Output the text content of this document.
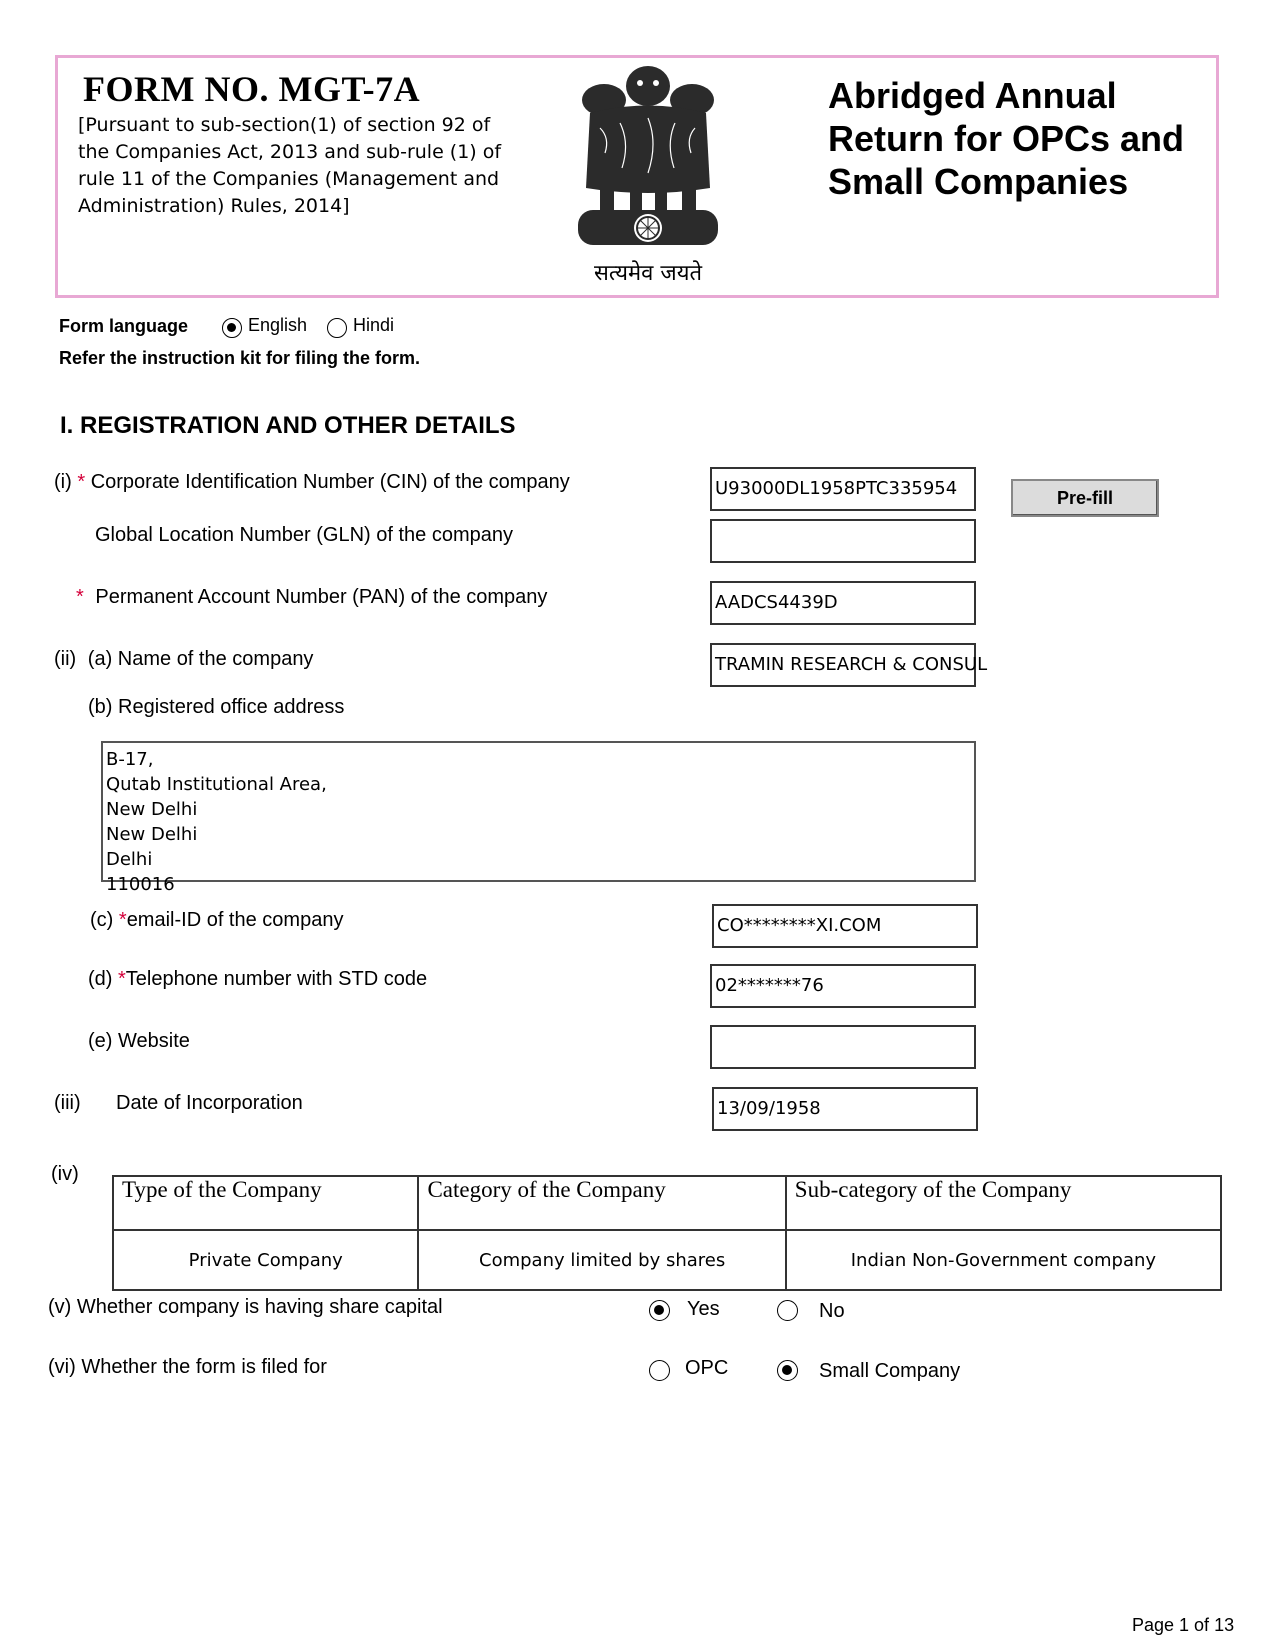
FORM NO. MGT-7A
[Pursuant to sub-section(1) of section 92 of the Companies Act, 2013 and sub-rule (1) of rule 11 of the Companies (Management and Administration) Rules, 2014]
सत्यमेव जयते
Abridged Annual Return for OPCs and Small Companies
Form language	English	Hindi
Refer the instruction kit for filing the form.
I. REGISTRATION AND OTHER DETAILS
(i) * Corporate Identification Number (CIN) of the company	U93000DL1958PTC335954	Pre-fill
Global Location Number (GLN) of the company
* Permanent Account Number (PAN) of the company	AADCS4439D
(ii) (a) Name of the company	TRAMIN RESEARCH & CONSUL
(b) Registered office address
B-17,
Qutab Institutional Area,
New Delhi
New Delhi
Delhi
110016
(c) *email-ID of the company	CO********XI.COM
(d) *Telephone number with STD code	02*******76
(e) Website
(iii) Date of Incorporation	13/09/1958
(iv)
Type of the Company	Category of the Company	Sub-category of the Company
Private Company	Company limited by shares	Indian Non-Government company
(v) Whether company is having share capital	Yes	No
(vi) Whether the form is filed for	OPC	Small Company
Page 1 of 13
